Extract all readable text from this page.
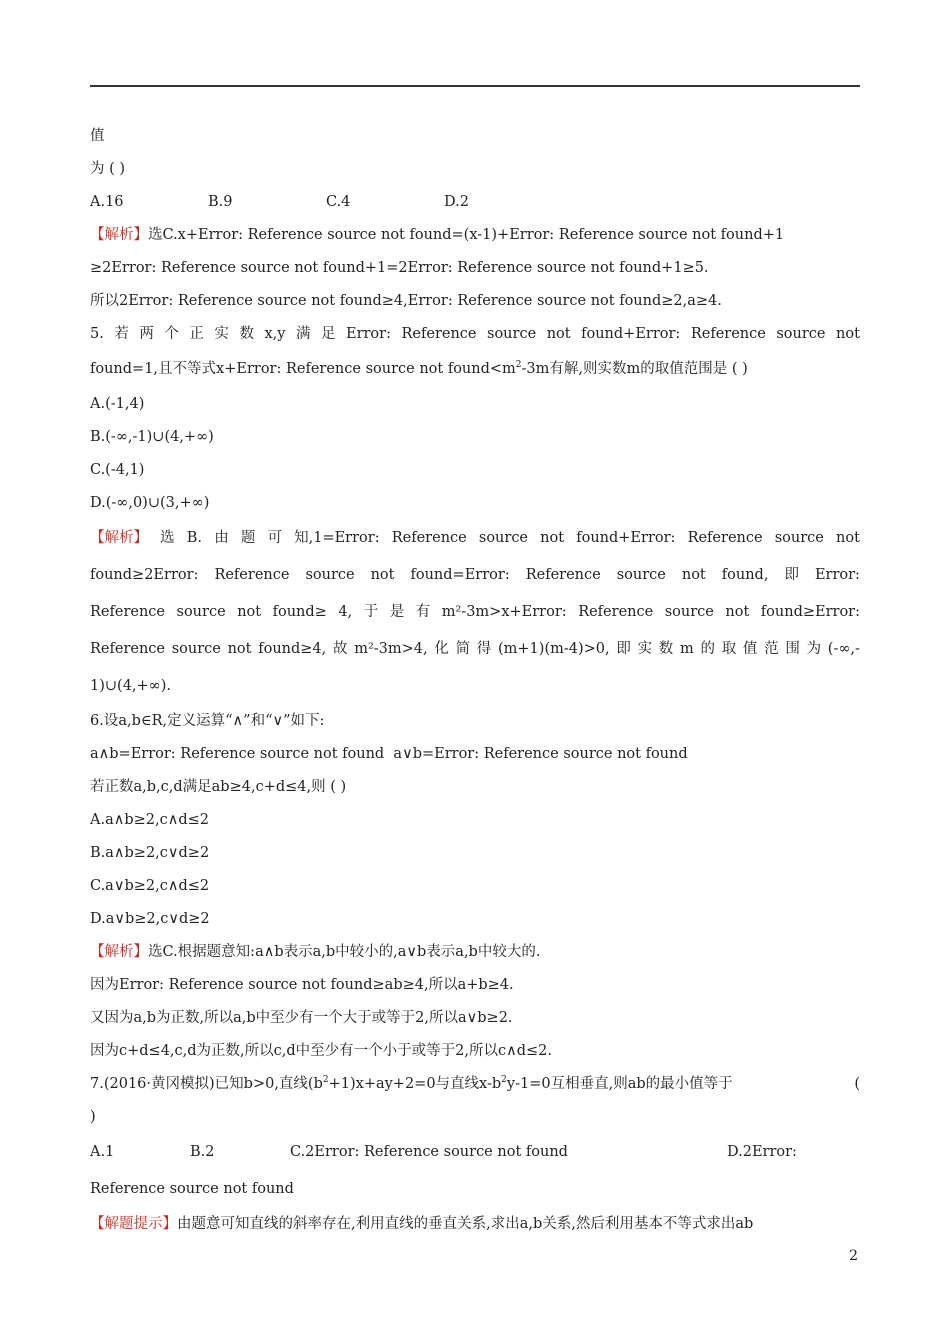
值
为 ( )
A.16	B.9	C.4	D.2
【解析】选C.x+Error: Reference source not found=(x-1)+Error: Reference source not found+1
≥2Error: Reference source not found+1=2Error: Reference source not found+1≥5.
所以2Error: Reference source not found≥4,Error: Reference source not found≥2,a≥4.
5. 若 两 个 正 实 数 x,y 满 足 Error: Reference source not found+Error: Reference source not
found=1,且不等式x+Error: Reference source not $found<m^2-3m$有解,则实数m的取值范围是 ( )
A.(-1,4)
B.(-∞,-1)∪(4,+∞)
C.(-4,1)
D.(-∞,0)∪(3,+∞)
【解析】 选 B. 由 题 可 知,1=Error: Reference source not found+Error: Reference source not
found≥2Error: Reference source not found=Error: Reference source not found, 即 Error:
Reference source not found≥ 4, 于 是 有 m²-3m>x+Error: Reference source not found≥Error:
Reference source not found≥4, 故 m²-3m>4, 化 简 得 (m+1)(m-4)>0, 即 实 数 m 的 取 值 范 围 为 (-∞,-
1)∪(4,+∞).
6.设a,b∈R,定义运算“∧”和“∨”如下:
a∧b=Error: Reference source not found  a∨b=Error: Reference source not found
若正数a,b,c,d满足ab≥4,c+d≤4,则 ( )
A.a∧b≥2,c∧d≤2
B.a∧b≥2,c∨d≥2
C.a∨b≥2,c∧d≤2
D.a∨b≥2,c∨d≥2
【解析】选C.根据题意知:a∧b表示a,b中较小的,a∨b表示a,b中较大的.
因为Error: Reference source not found≥ab≥4,所以a+b≥4.
又因为a,b为正数,所以a,b中至少有一个大于或等于2,所以a∨b≥2.
因为c+d≤4,c,d为正数,所以c,d中至少有一个小于或等于2,所以c∧d≤2.
7.(2016·黄冈模拟)已知b>0,直线$(b^2+1)x+ay+2=0$与直线$x-b^2y-1=0$互相垂直,则ab的最小值等于	(
)
A.1	B.2	C.2Error: Reference source not found	D.2Error:
Reference source not found
【解题提示】由题意可知直线的斜率存在,利用直线的垂直关系,求出a,b关系,然后利用基本不等式求出ab
2
